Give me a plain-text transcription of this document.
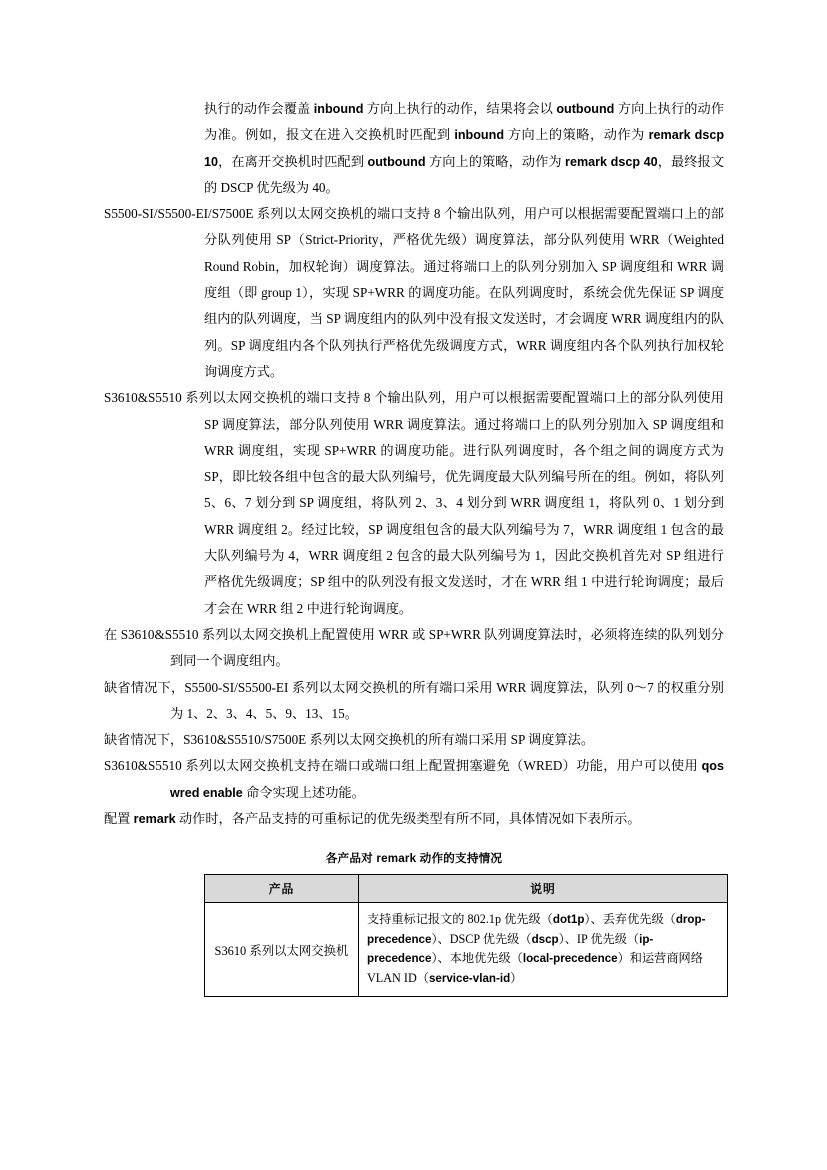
执行的动作会覆盖 inbound 方向上执行的动作，结果将会以 outbound 方向上执行的动作为准。例如，报文在进入交换机时匹配到 inbound 方向上的策略，动作为 remark dscp 10，在离开交换机时匹配到 outbound 方向上的策略，动作为 remark dscp 40，最终报文的 DSCP 优先级为 40。

S5500-SI/S5500-EI/S7500E 系列以太网交换机的端口支持 8 个输出队列，用户可以根据需要配置端口上的部分队列使用 SP（Strict-Priority，严格优先级）调度算法，部分队列使用 WRR（Weighted Round Robin，加权轮询）调度算法。通过将端口上的队列分别加入 SP 调度组和 WRR 调度组（即 group 1），实现 SP+WRR 的调度功能。在队列调度时，系统会优先保证 SP 调度组内的队列调度，当 SP 调度组内的队列中没有报文发送时，才会调度 WRR 调度组内的队列。SP 调度组内各个队列执行严格优先级调度方式，WRR 调度组内各个队列执行加权轮询调度方式。

S3610&S5510 系列以太网交换机的端口支持 8 个输出队列，用户可以根据需要配置端口上的部分队列使用 SP 调度算法，部分队列使用 WRR 调度算法。通过将端口上的队列分别加入 SP 调度组和 WRR 调度组，实现 SP+WRR 的调度功能。进行队列调度时，各个组之间的调度方式为 SP，即比较各组中包含的最大队列编号，优先调度最大队列编号所在的组。例如，将队列 5、6、7 划分到 SP 调度组，将队列 2、3、4 划分到 WRR 调度组 1，将队列 0、1 划分到 WRR 调度组 2。经过比较，SP 调度组包含的最大队列编号为 7，WRR 调度组 1 包含的最大队列编号为 4，WRR 调度组 2 包含的最大队列编号为 1，因此交换机首先对 SP 组进行严格优先级调度；SP 组中的队列没有报文发送时，才在 WRR 组 1 中进行轮询调度；最后才会在 WRR 组 2 中进行轮询调度。

在 S3610&S5510 系列以太网交换机上配置使用 WRR 或 SP+WRR 队列调度算法时，必须将连续的队列划分到同一个调度组内。

缺省情况下，S5500-SI/S5500-EI 系列以太网交换机的所有端口采用 WRR 调度算法，队列 0～7 的权重分别为 1、2、3、4、5、9、13、15。

缺省情况下，S3610&S5510/S7500E 系列以太网交换机的所有端口采用 SP 调度算法。

S3610&S5510 系列以太网交换机支持在端口或端口组上配置拥塞避免（WRED）功能，用户可以使用 qos wred enable 命令实现上述功能。

配置 remark 动作时，各产品支持的可重标记的优先级类型有所不同，具体情况如下表所示。

各产品对 remark 动作的支持情况
产品	说明
S3610 系列以太网交换机	支持重标记报文的 802.1p 优先级（dot1p）、丢弃优先级（drop-precedence）、DSCP 优先级（dscp）、IP 优先级（ip-precedence）、本地优先级（local-precedence）和运营商网络 VLAN ID（service-vlan-id）
